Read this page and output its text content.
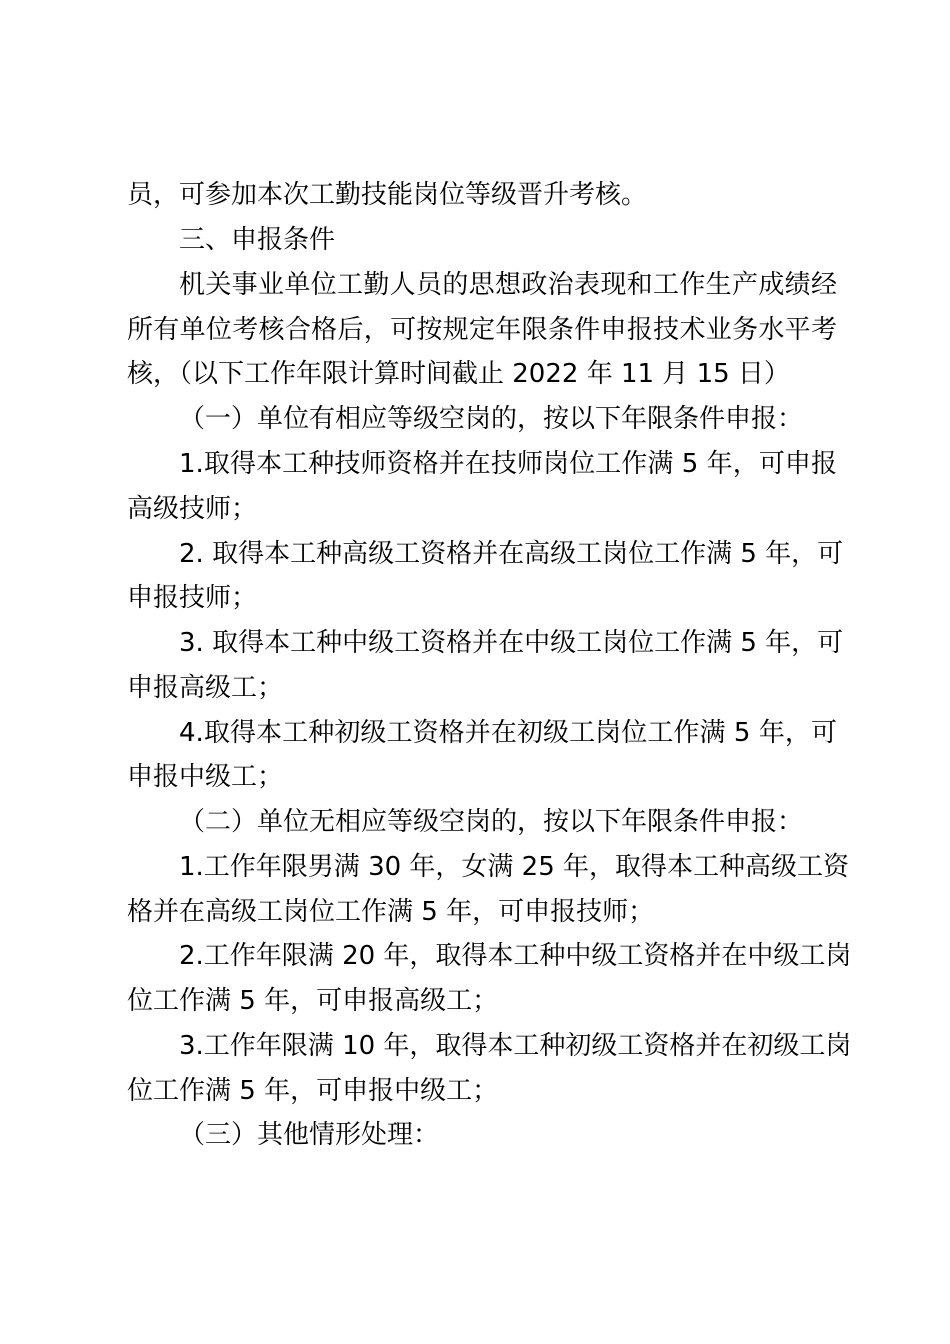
员，可参加本次工勤技能岗位等级晋升考核。
三、申报条件
机关事业单位工勤人员的思想政治表现和工作生产成绩经
所有单位考核合格后，可按规定年限条件申报技术业务水平考
核，（以下工作年限计算时间截止 2022 年 11 月 15 日）
（一）单位有相应等级空岗的，按以下年限条件申报：
1.取得本工种技师资格并在技师岗位工作满 5 年，可申报
高级技师；
2. 取得本工种高级工资格并在高级工岗位工作满 5 年，可
申报技师；
3. 取得本工种中级工资格并在中级工岗位工作满 5 年，可
申报高级工；
4.取得本工种初级工资格并在初级工岗位工作满 5 年，可
申报中级工；
（二）单位无相应等级空岗的，按以下年限条件申报：
1.工作年限男满 30 年，女满 25 年，取得本工种高级工资
格并在高级工岗位工作满 5 年，可申报技师；
2.工作年限满 20 年，取得本工种中级工资格并在中级工岗
位工作满 5 年，可申报高级工；
3.工作年限满 10 年，取得本工种初级工资格并在初级工岗
位工作满 5 年，可申报中级工；
（三）其他情形处理：
